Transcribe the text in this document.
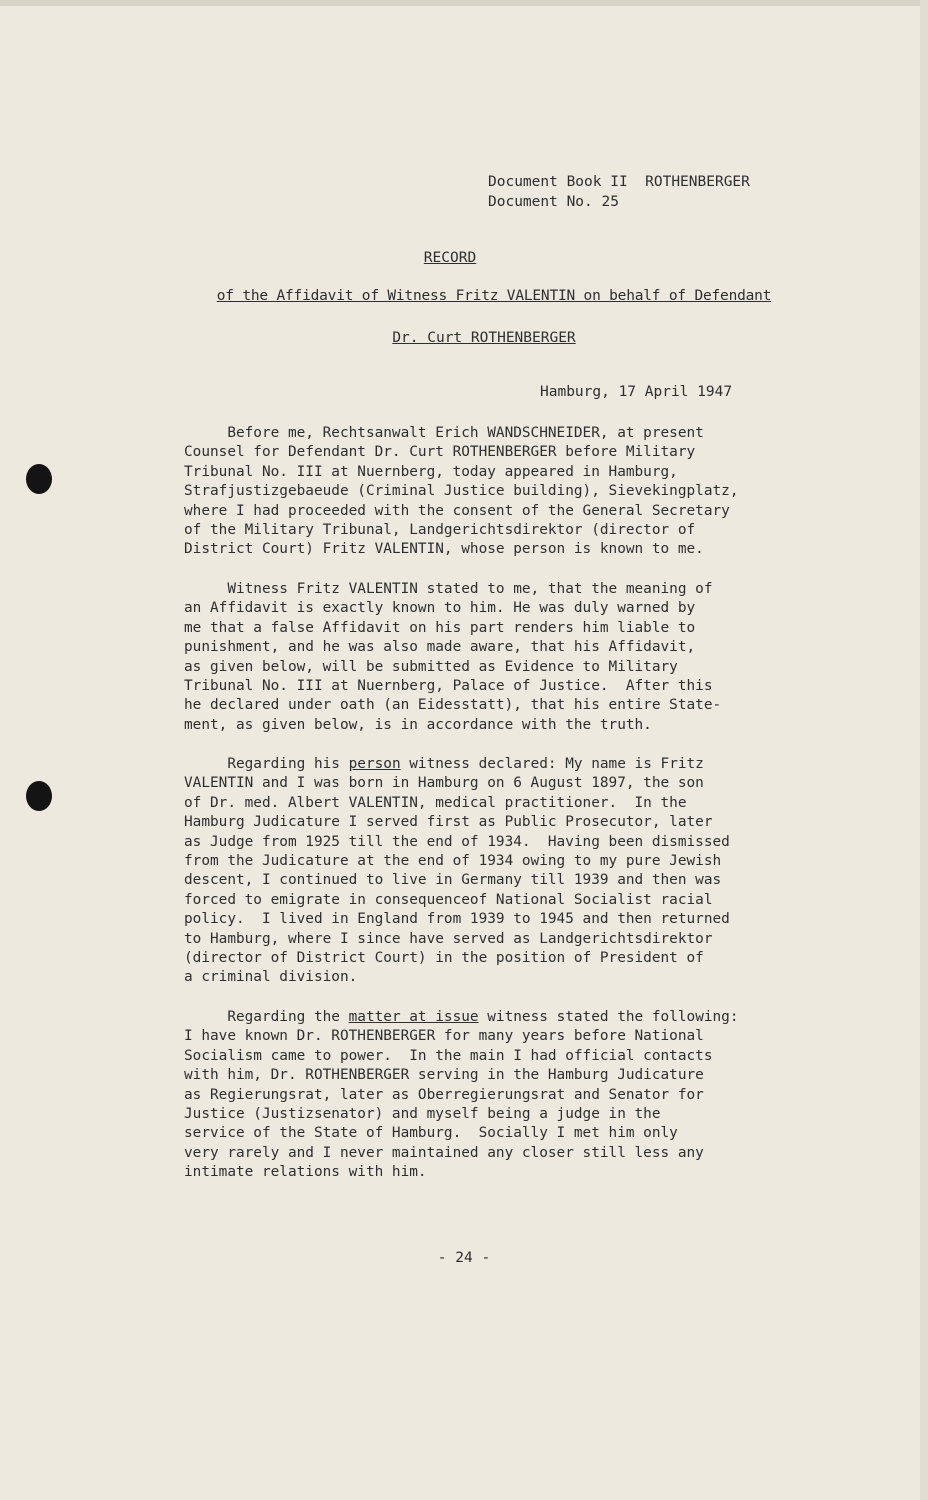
Document Book II  ROTHENBERGER
Document No. 25
RECORD
of the Affidavit of Witness Fritz VALENTIN on behalf of Defendant
Dr. Curt ROTHENBERGER
Hamburg, 17 April 1947
Before me, Rechtsanwalt Erich WANDSCHNEIDER, at present
Counsel for Defendant Dr. Curt ROTHENBERGER before Military
Tribunal No. III at Nuernberg, today appeared in Hamburg,
Strafjustizgebaeude (Criminal Justice building), Sievekingplatz,
where I had proceeded with the consent of the General Secretary
of the Military Tribunal, Landgerichtsdirektor (director of
District Court) Fritz VALENTIN, whose person is known to me.
Witness Fritz VALENTIN stated to me, that the meaning of
an Affidavit is exactly known to him. He was duly warned by
me that a false Affidavit on his part renders him liable to
punishment, and he was also made aware, that his Affidavit,
as given below, will be submitted as Evidence to Military
Tribunal No. III at Nuernberg, Palace of Justice.  After this
he declared under oath (an Eidesstatt), that his entire State-
ment, as given below, is in accordance with the truth.
Regarding his person witness declared: My name is Fritz
VALENTIN and I was born in Hamburg on 6 August 1897, the son
of Dr. med. Albert VALENTIN, medical practitioner.  In the
Hamburg Judicature I served first as Public Prosecutor, later
as Judge from 1925 till the end of 1934.  Having been dismissed
from the Judicature at the end of 1934 owing to my pure Jewish
descent, I continued to live in Germany till 1939 and then was
forced to emigrate in consequenceof National Socialist racial
policy.  I lived in England from 1939 to 1945 and then returned
to Hamburg, where I since have served as Landgerichtsdirektor
(director of District Court) in the position of President of
a criminal division.
Regarding the matter at issue witness stated the following:
I have known Dr. ROTHENBERGER for many years before National
Socialism came to power.  In the main I had official contacts
with him, Dr. ROTHENBERGER serving in the Hamburg Judicature
as Regierungsrat, later as Oberregierungsrat and Senator for
Justice (Justizsenator) and myself being a judge in the
service of the State of Hamburg.  Socially I met him only
very rarely and I never maintained any closer still less any
intimate relations with him.
- 24 -
